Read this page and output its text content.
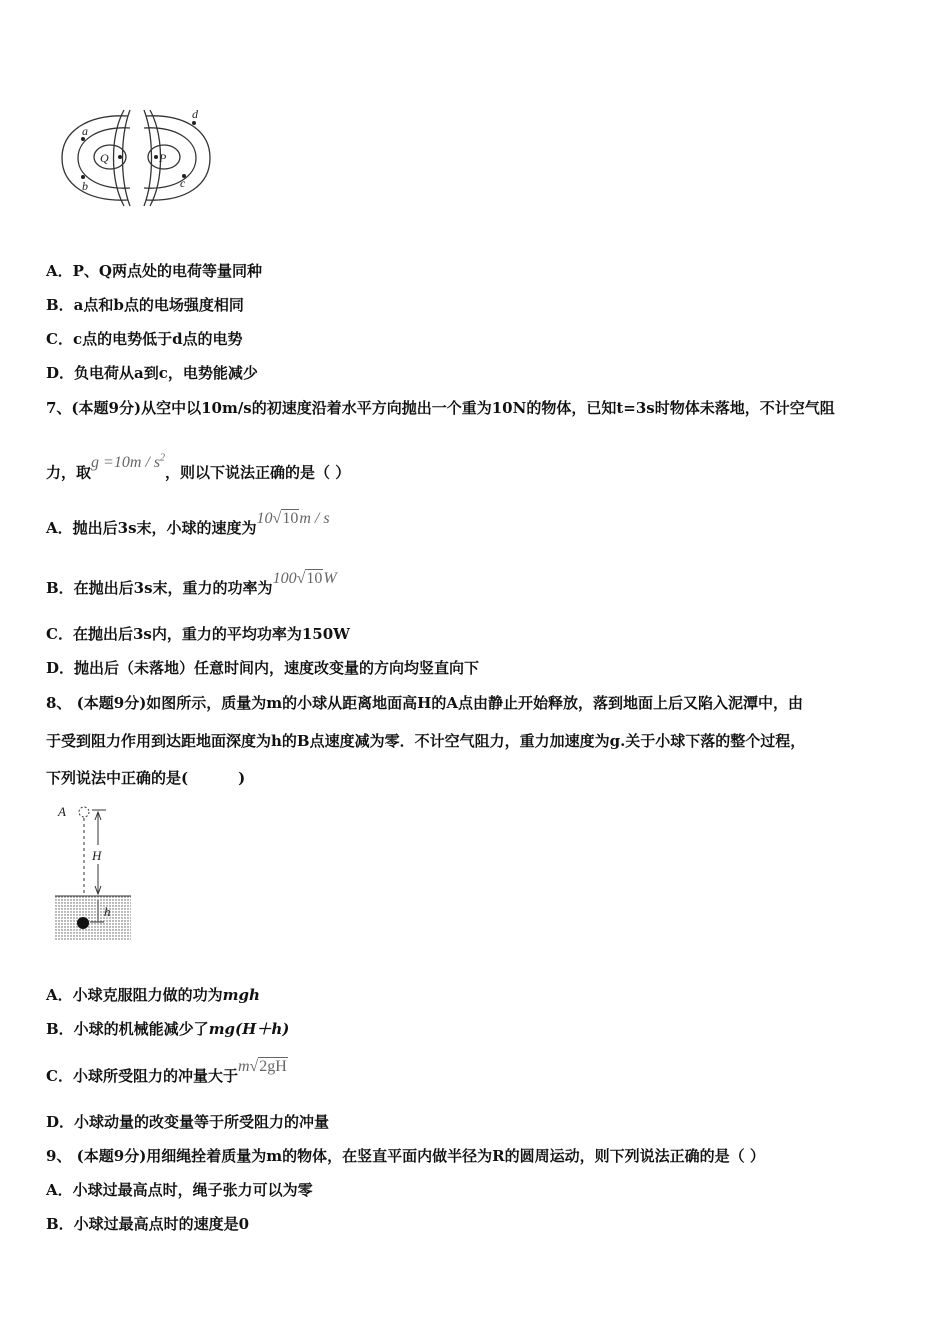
a
b
d
c
Q	P
A．P、Q两点处的电荷等量同种
B．a点和b点的电场强度相同
C．c点的电势低于d点的电势
D．负电荷从a到c，电势能减少
7、(本题9分)从空中以10m/s的初速度沿着水平方向抛出一个重为10N的物体，已知t=3s时物体未落地，不计空气阻
力，取$g =10m / s^2$，则以下说法正确的是（ ）
A．抛出后3s末，小球的速度为10√10m / s
B．在抛出后3s末，重力的功率为100√10W
C．在抛出后3s内，重力的平均功率为150W
D．抛出后（未落地）任意时间内，速度改变量的方向均竖直向下
8、 (本题9分)如图所示，质量为m的小球从距离地面高H的A点由静止开始释放，落到地面上后又陷入泥潭中，由
于受到阻力作用到达距地面深度为h的B点速度减为零．不计空气阻力，重力加速度为g.关于小球下落的整个过程，
下列说法中正确的是(	)
A
H
h
A．小球克服阻力做的功为mgh
B．小球的机械能减少了mg(H＋h)
C．小球所受阻力的冲量大于m√2gH
D．小球动量的改变量等于所受阻力的冲量
9、 (本题9分)用细绳拴着质量为m的物体，在竖直平面内做半径为R的圆周运动，则下列说法正确的是（ ）
A．小球过最高点时，绳子张力可以为零
B．小球过最高点时的速度是0
